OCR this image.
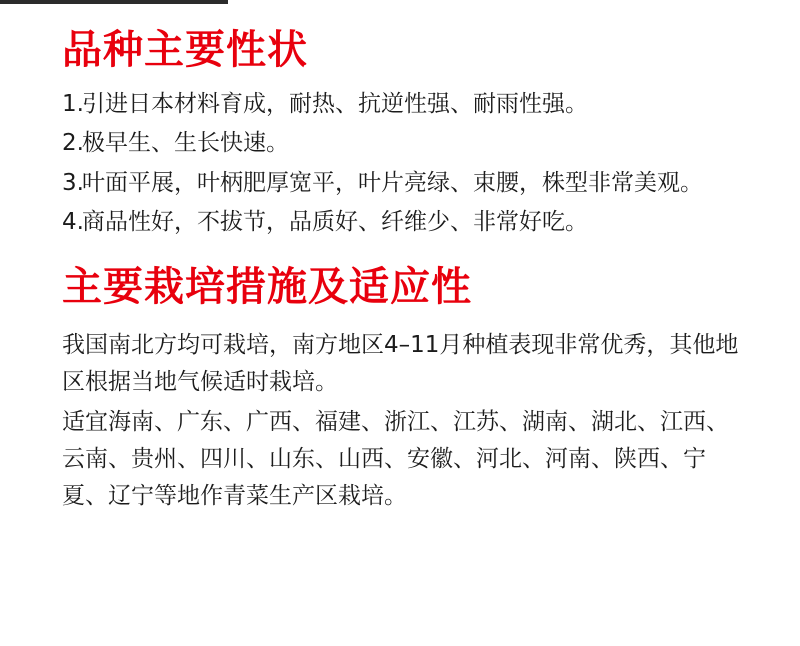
品种主要性状
1.
引进日本材料育成，耐热、抗逆性强、耐雨性强。
2.
极早生、生长快速。
3.
叶面平展，叶柄肥厚宽平，叶片亮绿、束腰，株型非常美观。
4.
商品性好，不拔节，品质好、纤维少、非常好吃。
主要栽培措施及适应性

我国南北方均可栽培，南方地区4–11月种植表现非常优秀，其他地区根据当地气候适时栽培。

适宜海南、广东、广西、福建、浙江、江苏、湖南、湖北、江西、云南、贵州、四川、山东、山西、安徽、河北、河南、陕西、宁夏、辽宁等地作青菜生产区栽培。
